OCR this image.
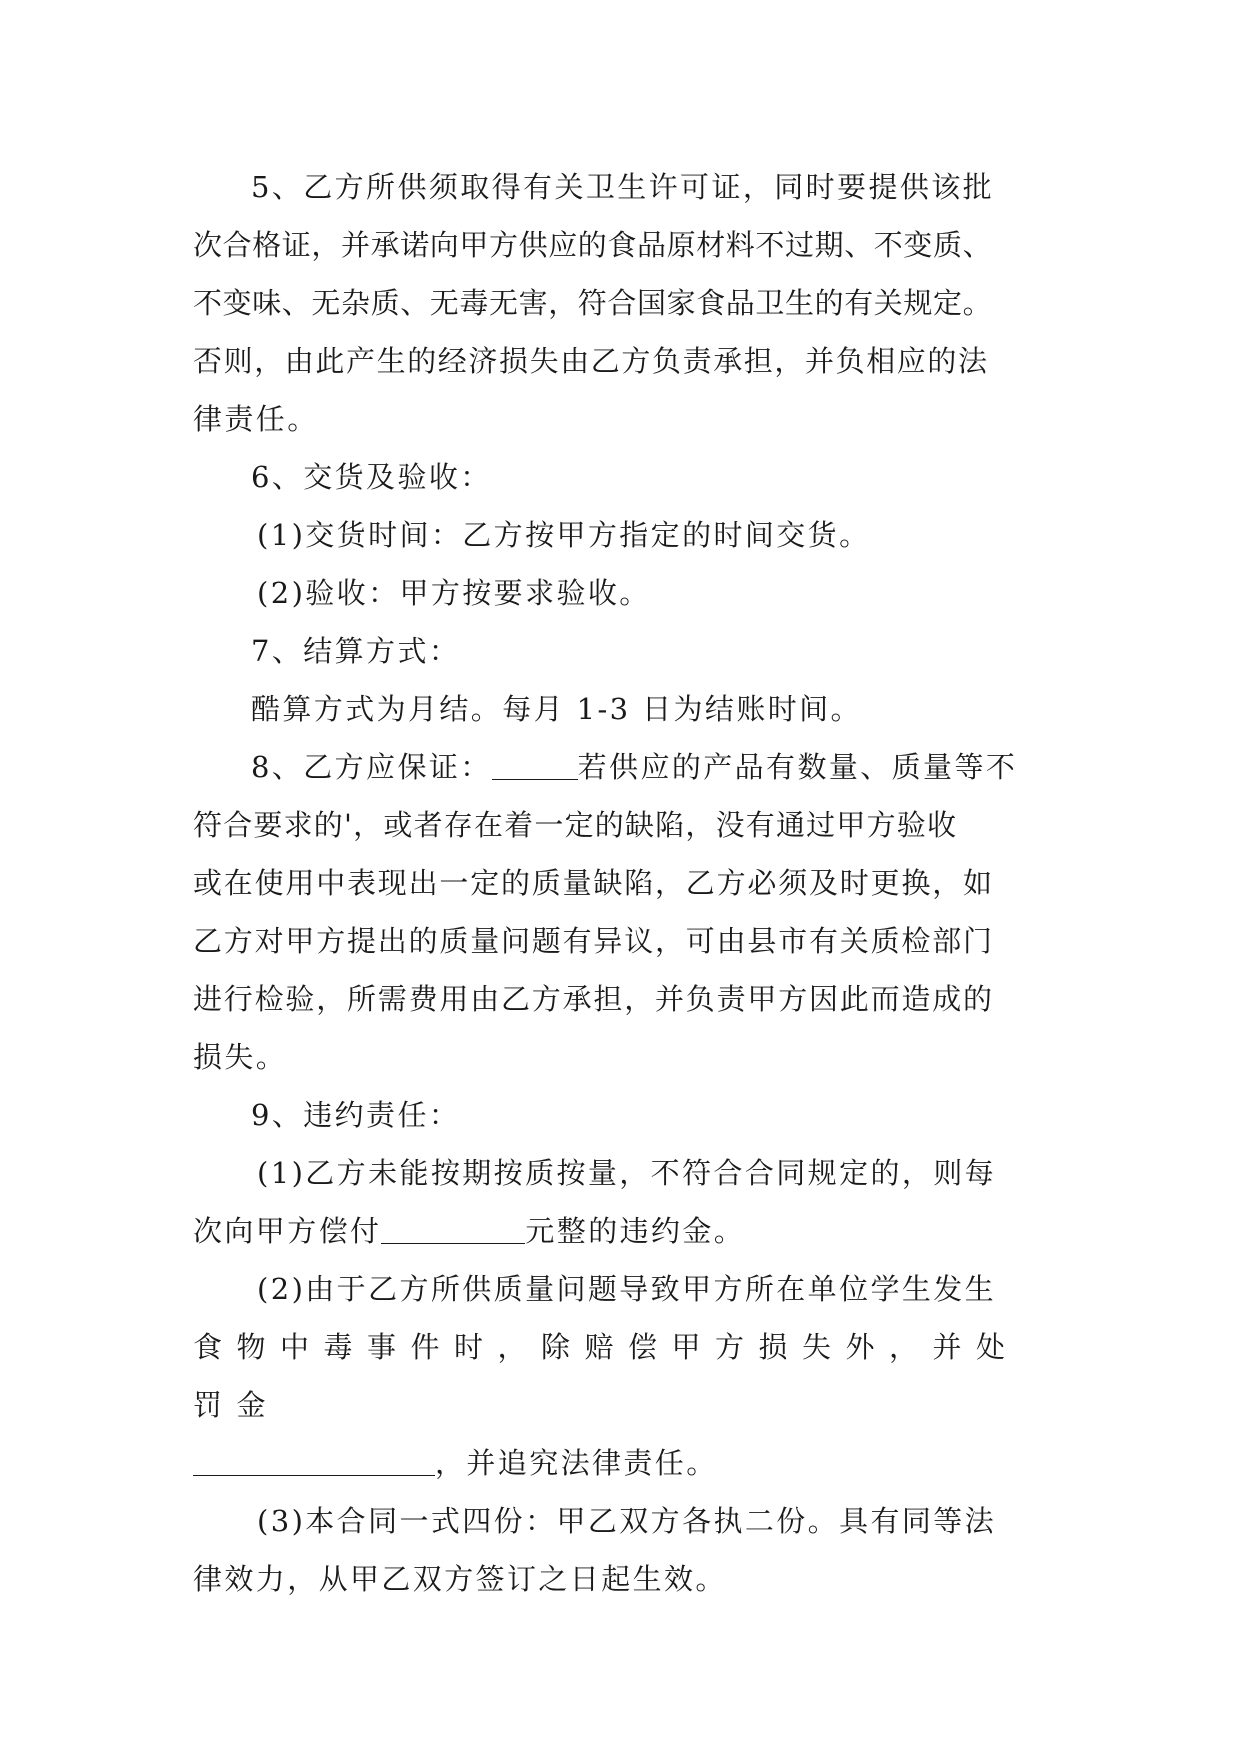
5、乙方所供须取得有关卫生许可证，同时要提供该批
次合格证，并承诺向甲方供应的食品原材料不过期、不变质、
不变味、无杂质、无毒无害，符合国家食品卫生的有关规定。
否则，由此产生的经济损失由乙方负责承担，并负相应的法
律责任。

6、交货及验收：

(1)交货时间：乙方按甲方指定的时间交货。

(2)验收：甲方按要求验收。

7、结算方式：

酷算方式为月结。每月 1-3 日为结账时间。

8、乙方应保证：	若供应的产品有数量、质量等不
符合要求的'，或者存在着一定的缺陷，没有通过甲方验收
或在使用中表现出一定的质量缺陷，乙方必须及时更换，如
乙方对甲方提出的质量问题有异议，可由县市有关质检部门
进行检验，所需费用由乙方承担，并负责甲方因此而造成的
损失。

9、违约责任：

(1)乙方未能按期按质按量，不符合合同规定的，则每
次向甲方偿付	元整的违约金。

(2)由于乙方所供质量问题导致甲方所在单位学生发生
食物中毒事件时，除赔偿甲方损失外，并处罚金
，并追究法律责任。

(3)本合同一式四份：甲乙双方各执二份。具有同等法
律效力，从甲乙双方签订之日起生效。
